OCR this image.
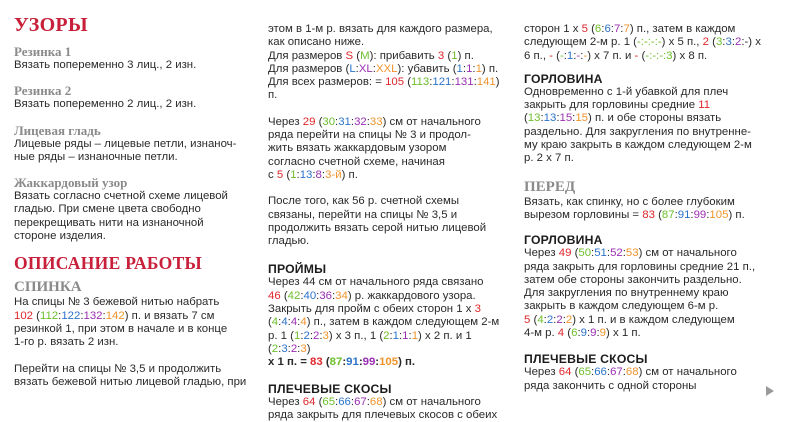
УЗОРЫ
Резинка 1

Вязать попеременно 3 лиц., 2 изн.

Резинка 2

Вязать попеременно 2 лиц., 2 изн.

Лицевая гладь

Лицевые ряды – лицевые петли, изнаноч-

ные ряды – изнаночные петли.

Жаккардовый узор

Вязать согласно счетной схеме лицевой

гладью. При смене цвета свободно

перекрещивать нити на изнаночной

стороне изделия.

ОПИСАНИЕ РАБОТЫ
СПИНКА

На спицы № 3 бежевой нитью набрать

102 (112:122:132:142) п. и вязать 7 см

резинкой 1, при этом в начале и в конце

1-го р. вязать 2 изн.

Перейти на спицы № 3,5 и продолжить

вязать бежевой нитью лицевой гладью, при

этом в 1-м р. вязать для каждого размера,

как описано ниже.

Для размеров S (M): прибавить 3 (1) п.

Для размеров (L:XL:XXL): убавить (1:1:1) п.

Для всех размеров: = 105 (113:121:131:141) п.

Через 29 (30:31:32:33) см от начального

ряда перейти на спицы № 3 и продол-

жить вязать жаккардовым узором

согласно счетной схеме, начиная

с 5 (1:13:8:3-й) п.

После того, как 56 р. счетной схемы

связаны, перейти на спицы № 3,5 и

продолжить вязать серой нитью лицевой

гладью.

ПРОЙМЫ

Через 44 см от начального ряда связано

46 (42:40:36:34) р. жаккардового узора.

Закрыть для пройм с обеих сторон 1 х 3

(4:4:4:4) п., затем в каждом следующем 2-м

р. 1 (1:2:2:3) х 3 п., 1 (2:1:1:1) х 2 п. и 1 (2:3:2:3)

х 1 п. = 83 (87:91:99:105) п.

ПЛЕЧЕВЫЕ СКОСЫ

Через 64 (65:66:67:68) см от начального

ряда закрыть для плечевых скосов с обеих

сторон 1 х 5 (6:6:7:7) п., затем в каждом

следующем 2-м р. 1 (-:-:-:-) х 5 п., 2 (3:3:2:-) х

6 п., - (-:1:-:-) х 7 п. и - (-:-:-:3) х 8 п.

ГОРЛОВИНА

Одновременно с 1-й убавкой для плеч

закрыть для горловины средние 11

(13:13:15:15) п. и обе стороны вязать

раздельно. Для закругления по внутренне-

му краю закрыть в каждом следующем 2-м

р. 2 х 7 п.

ПЕРЕД

Вязать, как спинку, но с более глубоким

вырезом горловины = 83 (87:91:99:105) п.

ГОРЛОВИНА

Через 49 (50:51:52:53) см от начального

ряда закрыть для горловины средние 21 п.,

затем обе стороны закончить раздельно.

Для закругления по внутреннему краю

закрыть в каждом следующем 6-м р.

5 (4:2:2:2) х 1 п. и в каждом следующем

4-м р. 4 (6:9:9:9) х 1 п.

ПЛЕЧЕВЫЕ СКОСЫ

Через 64 (65:66:67:68) см от начального

ряда закончить с одной стороны
